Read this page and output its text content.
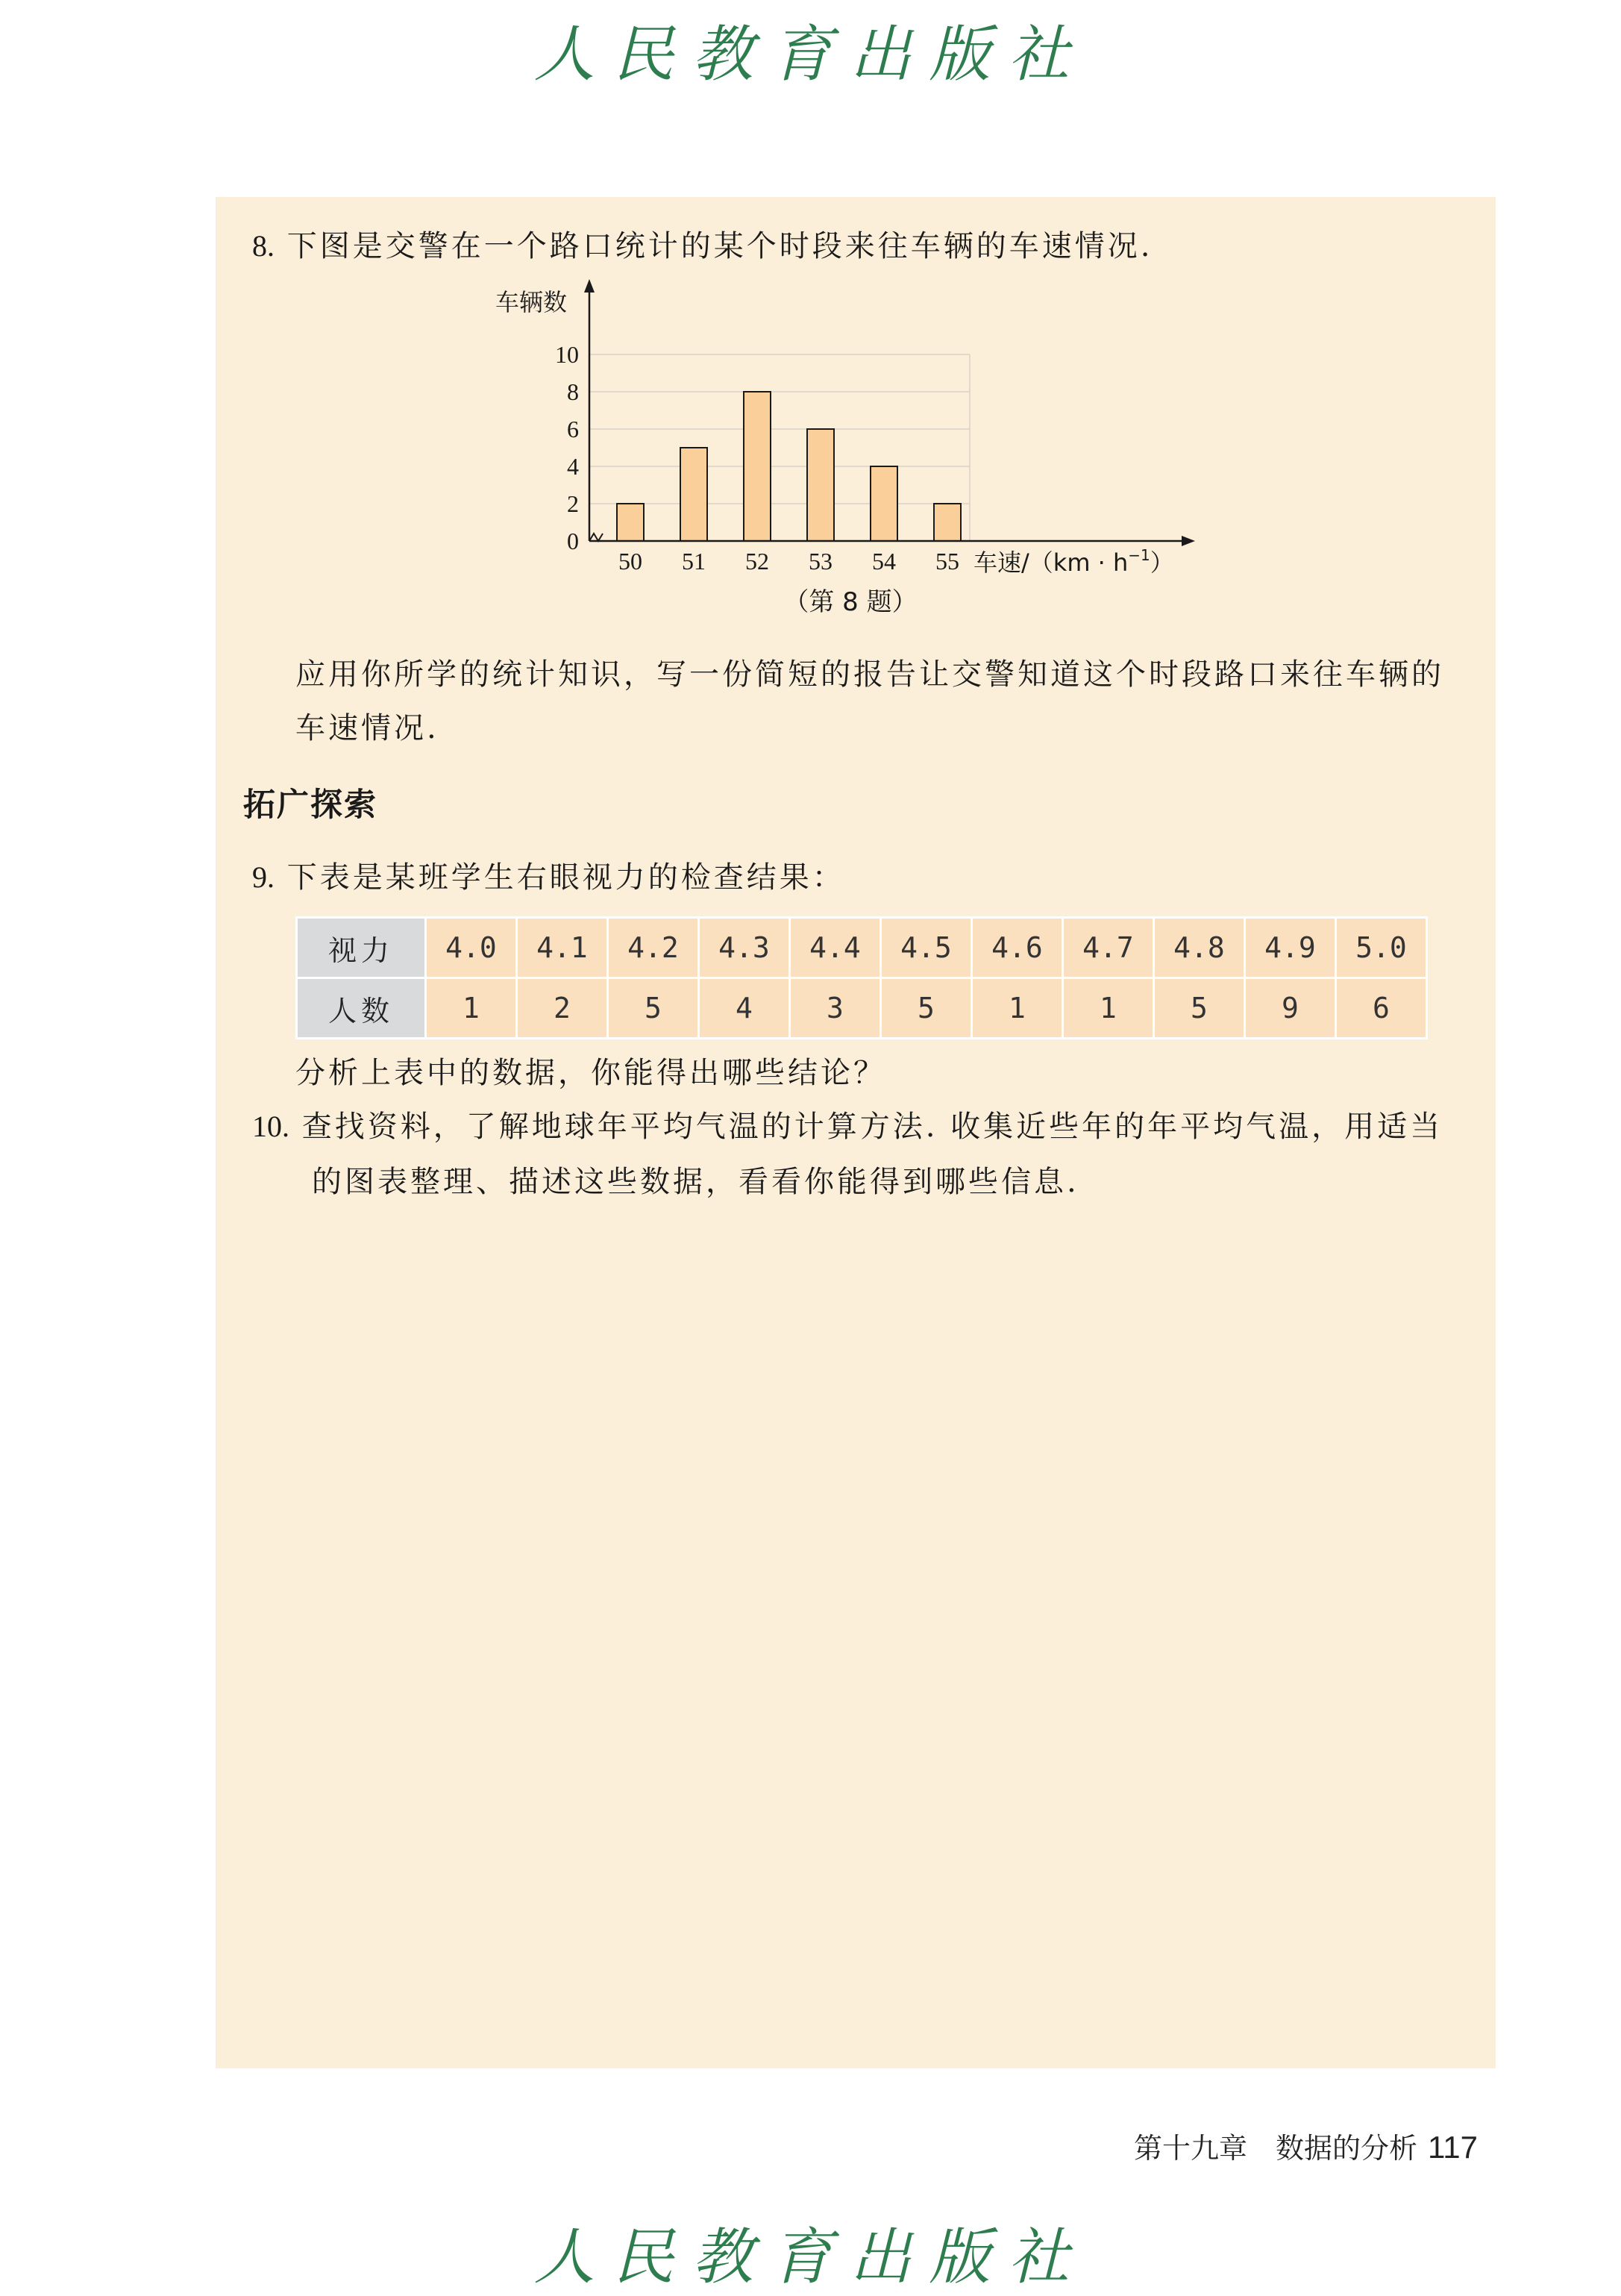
人民教育出版社
8. 下图是交警在一个路口统计的某个时段来往车辆的车速情况.
0
2
4
6
8
10
50 51 52 53 54 55
车辆数
车速$/(km \cdot h^{-1})$
（第 8 题）
应用你所学的统计知识，写一份简短的报告让交警知道这个时段路口来往车辆的
车速情况.
拓广探索
9. 下表是某班学生右眼视力的检查结果：
视力	4.0	4.1	4.2	4.3	4.4	4.5	4.6	4.7	4.8	4.9	5.0
人数	1	2	5	4	3	5	1	1	5	9	6
分析上表中的数据，你能得出哪些结论？
10. 查找资料，了解地球年平均气温的计算方法. 收集近些年的年平均气温，用适当
的图表整理、描述这些数据，看看你能得到哪些信息.
第十九章　数据的分析 117
人民教育出版社
